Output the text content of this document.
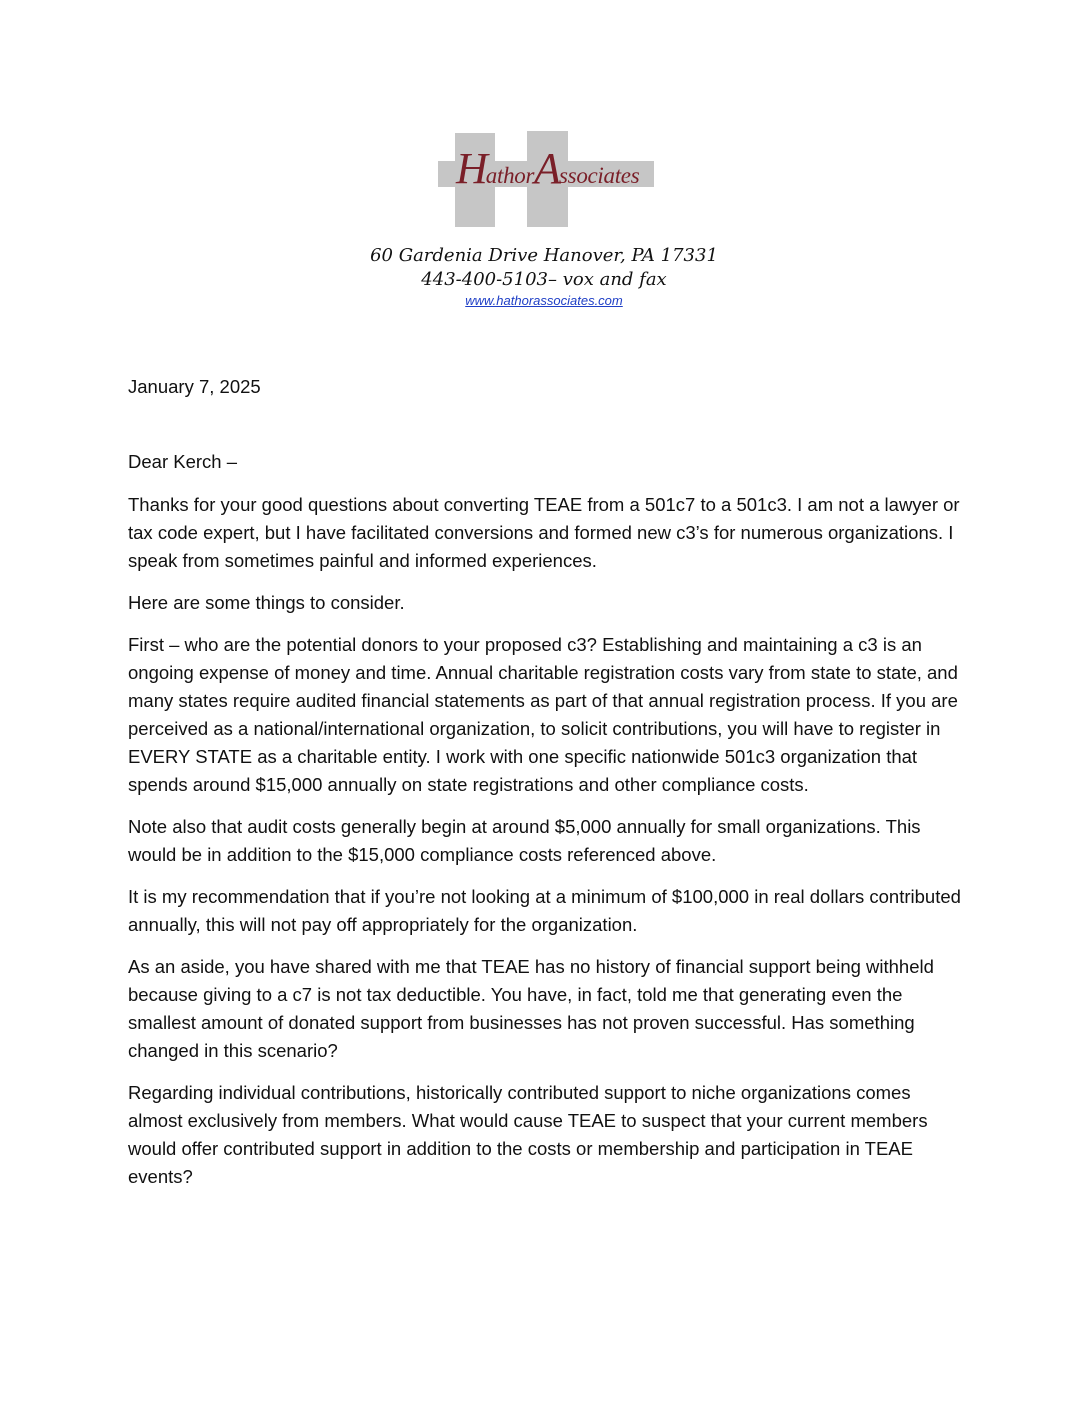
HathorAssociates
60 Gardenia Drive Hanover, PA 17331
443-400-5103– vox and fax
www.hathorassociates.com
January 7, 2025
Dear Kerch –

Thanks for your good questions about converting TEAE from a 501c7 to a 501c3. I am not a lawyer or tax code expert, but I have facilitated conversions and formed new c3’s for numerous organizations. I speak from sometimes painful and informed experiences.

Here are some things to consider.

First – who are the potential donors to your proposed c3? Establishing and maintaining a c3 is an ongoing expense of money and time. Annual charitable registration costs vary from state to state, and many states require audited financial statements as part of that annual registration process. If you are perceived as a national/international organization, to solicit contributions, you will have to register in EVERY STATE as a charitable entity. I work with one specific nationwide 501c3 organization that spends around $15,000 annually on state registrations and other compliance costs.

Note also that audit costs generally begin at around $5,000 annually for small organizations. This would be in addition to the $15,000 compliance costs referenced above.

It is my recommendation that if you’re not looking at a minimum of $100,000 in real dollars contributed annually, this will not pay off appropriately for the organization.

As an aside, you have shared with me that TEAE has no history of financial support being withheld because giving to a c7 is not tax deductible. You have, in fact, told me that generating even the smallest amount of donated support from businesses has not proven successful. Has something changed in this scenario?

Regarding individual contributions, historically contributed support to niche organizations comes almost exclusively from members. What would cause TEAE to suspect that your current members would offer contributed support in addition to the costs or membership and participation in TEAE events?
